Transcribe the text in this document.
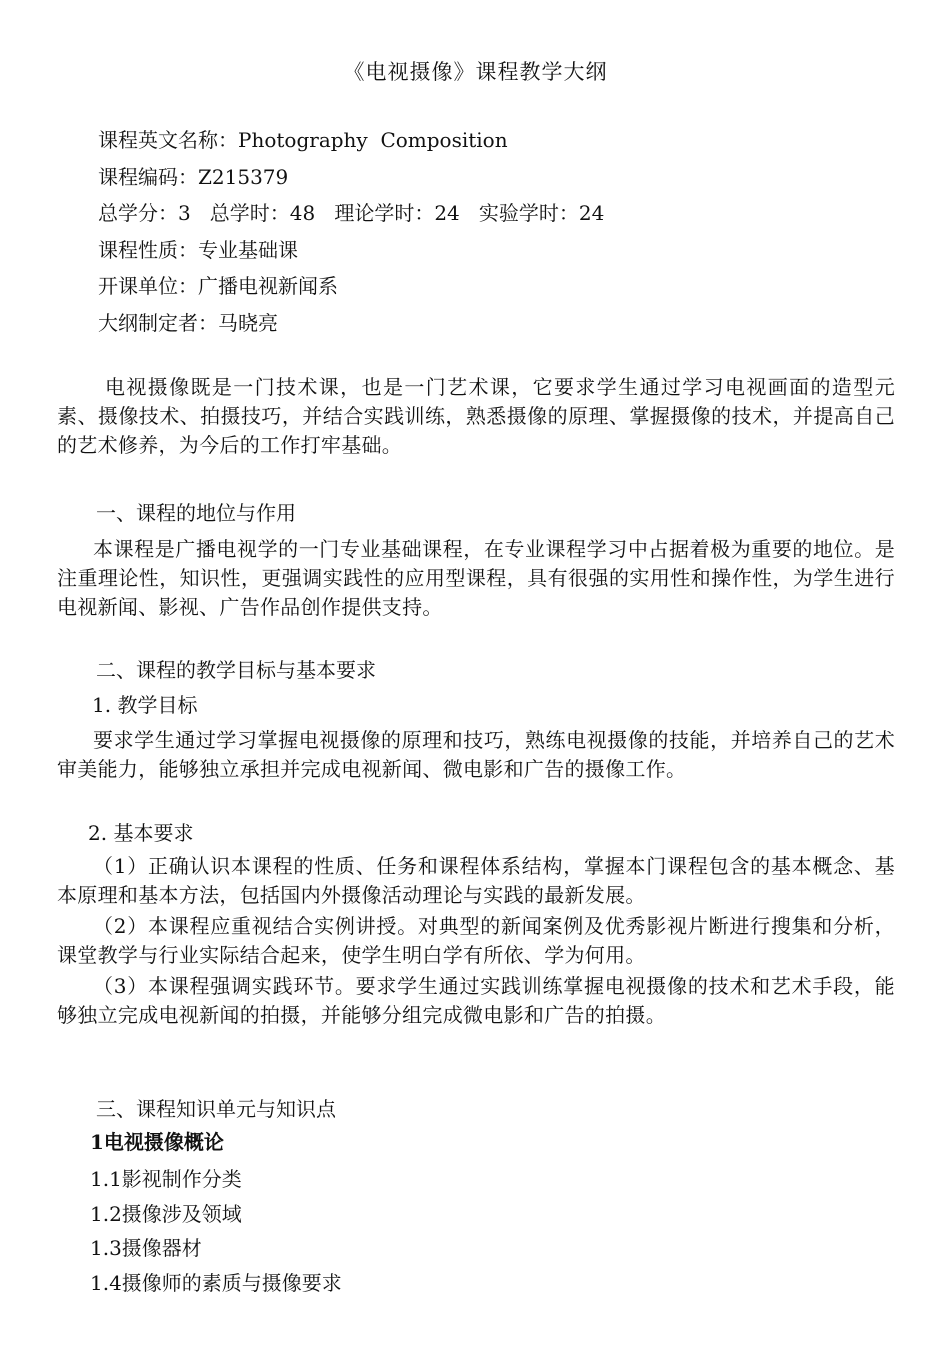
《电视摄像》课程教学大纲
课程英文名称：Photography  Composition
课程编码：Z215379
总学分：3   总学时：48   理论学时：24   实验学时：24
课程性质：专业基础课
开课单位：广播电视新闻系
大纲制定者：马晓亮
电视摄像既是一门技术课，也是一门艺术课，它要求学生通过学习电视画面的造型元素、摄像技术、拍摄技巧，并结合实践训练，熟悉摄像的原理、掌握摄像的技术，并提高自己的艺术修养，为今后的工作打牢基础。
一、课程的地位与作用
本课程是广播电视学的一门专业基础课程，在专业课程学习中占据着极为重要的地位。是注重理论性，知识性，更强调实践性的应用型课程，具有很强的实用性和操作性，为学生进行电视新闻、影视、广告作品创作提供支持。
二、课程的教学目标与基本要求
1. 教学目标
要求学生通过学习掌握电视摄像的原理和技巧，熟练电视摄像的技能，并培养自己的艺术审美能力，能够独立承担并完成电视新闻、微电影和广告的摄像工作。
2. 基本要求
（1）正确认识本课程的性质、任务和课程体系结构，掌握本门课程包含的基本概念、基本原理和基本方法，包括国内外摄像活动理论与实践的最新发展。
（2）本课程应重视结合实例讲授。对典型的新闻案例及优秀影视片断进行搜集和分析，课堂教学与行业实际结合起来，使学生明白学有所依、学为何用。
（3）本课程强调实践环节。要求学生通过实践训练掌握电视摄像的技术和艺术手段，能够独立完成电视新闻的拍摄，并能够分组完成微电影和广告的拍摄。
三、课程知识单元与知识点
1电视摄像概论
1.1影视制作分类
1.2摄像涉及领域
1.3摄像器材
1.4摄像师的素质与摄像要求
